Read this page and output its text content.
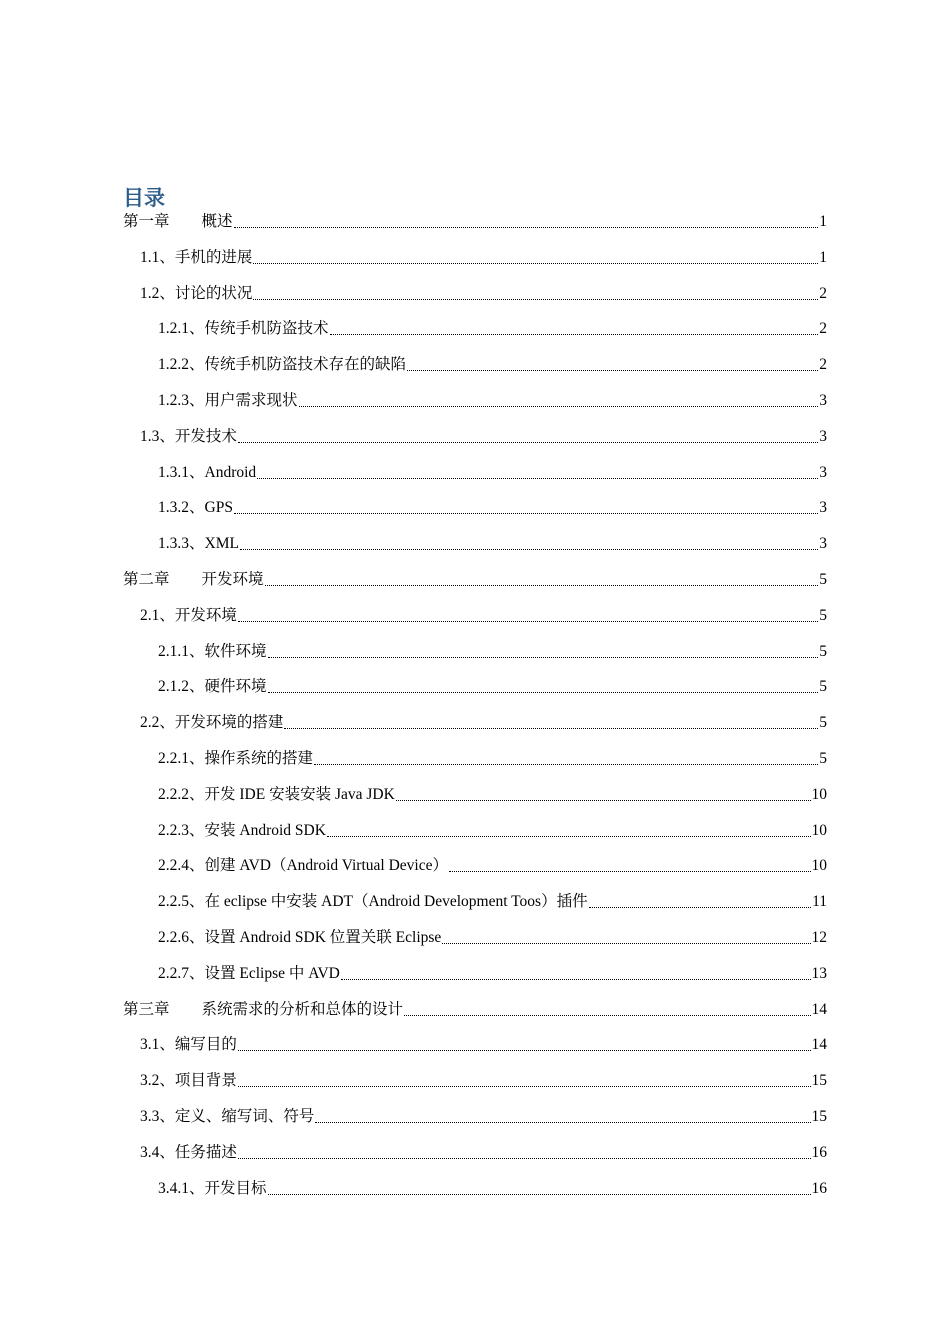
目录
第一章 概述	1
1.1、手机的进展	1
1.2、讨论的状况	2
1.2.1、传统手机防盗技术	2
1.2.2、传统手机防盗技术存在的缺陷	2
1.2.3、用户需求现状	3
1.3、开发技术	3
1.3.1、Android	3
1.3.2、GPS	3
1.3.3、XML	3
第二章 开发环境	5
2.1、开发环境	5
2.1.1、软件环境	5
2.1.2、硬件环境	5
2.2、开发环境的搭建	5
2.2.1、操作系统的搭建	5
2.2.2、开发 IDE 安装安装 Java JDK	10
2.2.3、安装 Android SDK	10
2.2.4、创建 AVD（Android Virtual Device）	10
2.2.5、在 eclipse 中安装 ADT（Android Development Toos）插件	11
2.2.6、设置 Android SDK 位置关联 Eclipse	12
2.2.7、设置 Eclipse 中 AVD	13
第三章 系统需求的分析和总体的设计	14
3.1、编写目的	14
3.2、项目背景	15
3.3、定义、缩写词、符号	15
3.4、任务描述	16
3.4.1、开发目标	16
